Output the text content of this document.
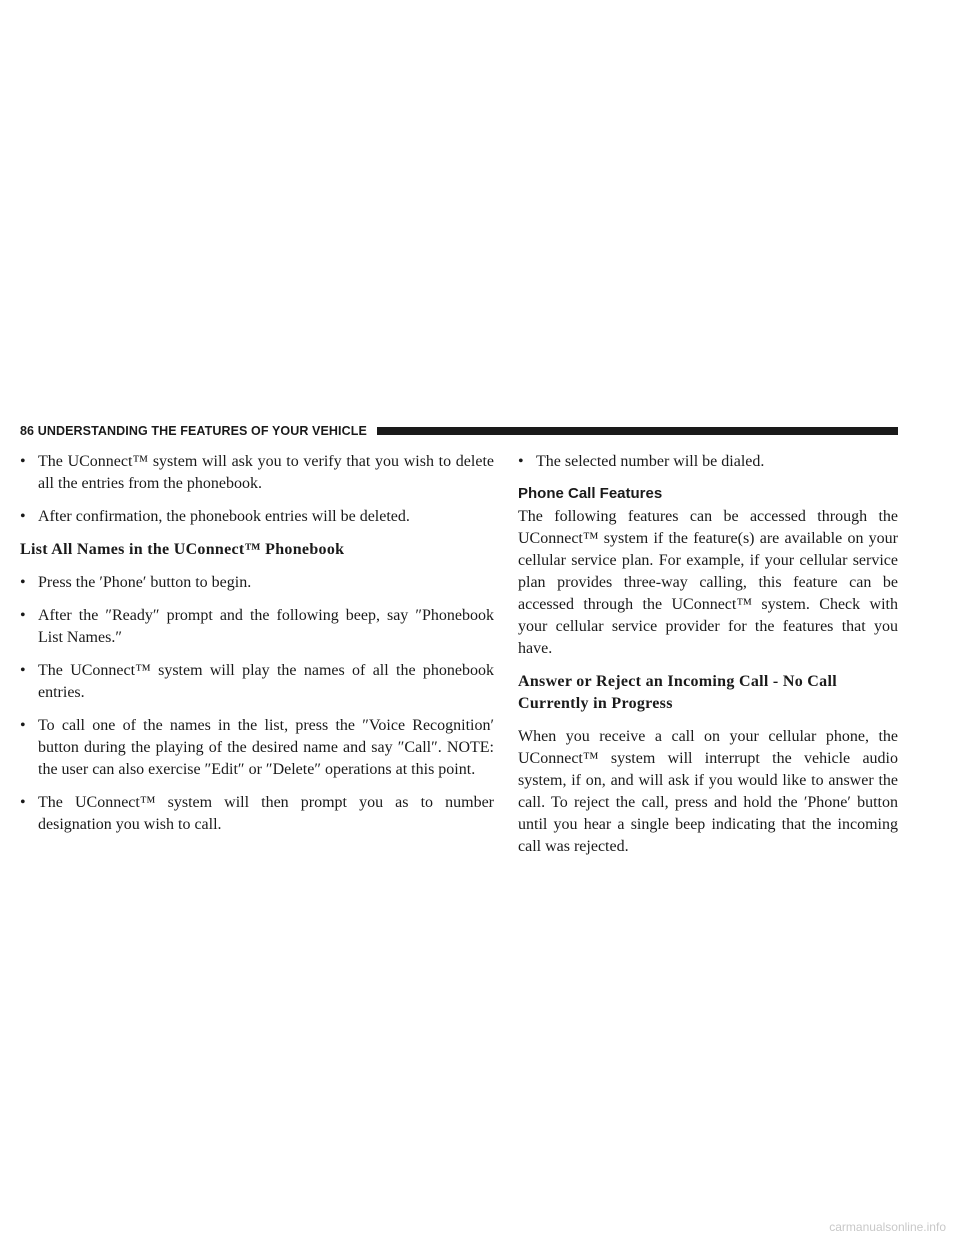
86 UNDERSTANDING THE FEATURES OF YOUR VEHICLE
• The UConnect™ system will ask you to verify that you wish to delete all the entries from the phonebook.
• After confirmation, the phonebook entries will be deleted.
List All Names in the UConnect™ Phonebook
• Press the ′Phone′ button to begin.
• After the ″Ready″ prompt and the following beep, say ″Phonebook List Names.″
• The UConnect™ system will play the names of all the phonebook entries.
• To call one of the names in the list, press the ″Voice Recognition′ button during the playing of the desired name and say ″Call″. NOTE: the user can also exercise ″Edit″ or ″Delete″ operations at this point.
• The UConnect™ system will then prompt you as to number designation you wish to call.
• The selected number will be dialed.
Phone Call Features
The following features can be accessed through the UConnect™ system if the feature(s) are available on your cellular service plan. For example, if your cellular service plan provides three-way calling, this feature can be accessed through the UConnect™ system. Check with your cellular service provider for the features that you have.
Answer or Reject an Incoming Call - No Call Currently in Progress
When you receive a call on your cellular phone, the UConnect™ system will interrupt the vehicle audio system, if on, and will ask if you would like to answer the call. To reject the call, press and hold the ′Phone′ button until you hear a single beep indicating that the incoming call was rejected.
carmanualsonline.info
